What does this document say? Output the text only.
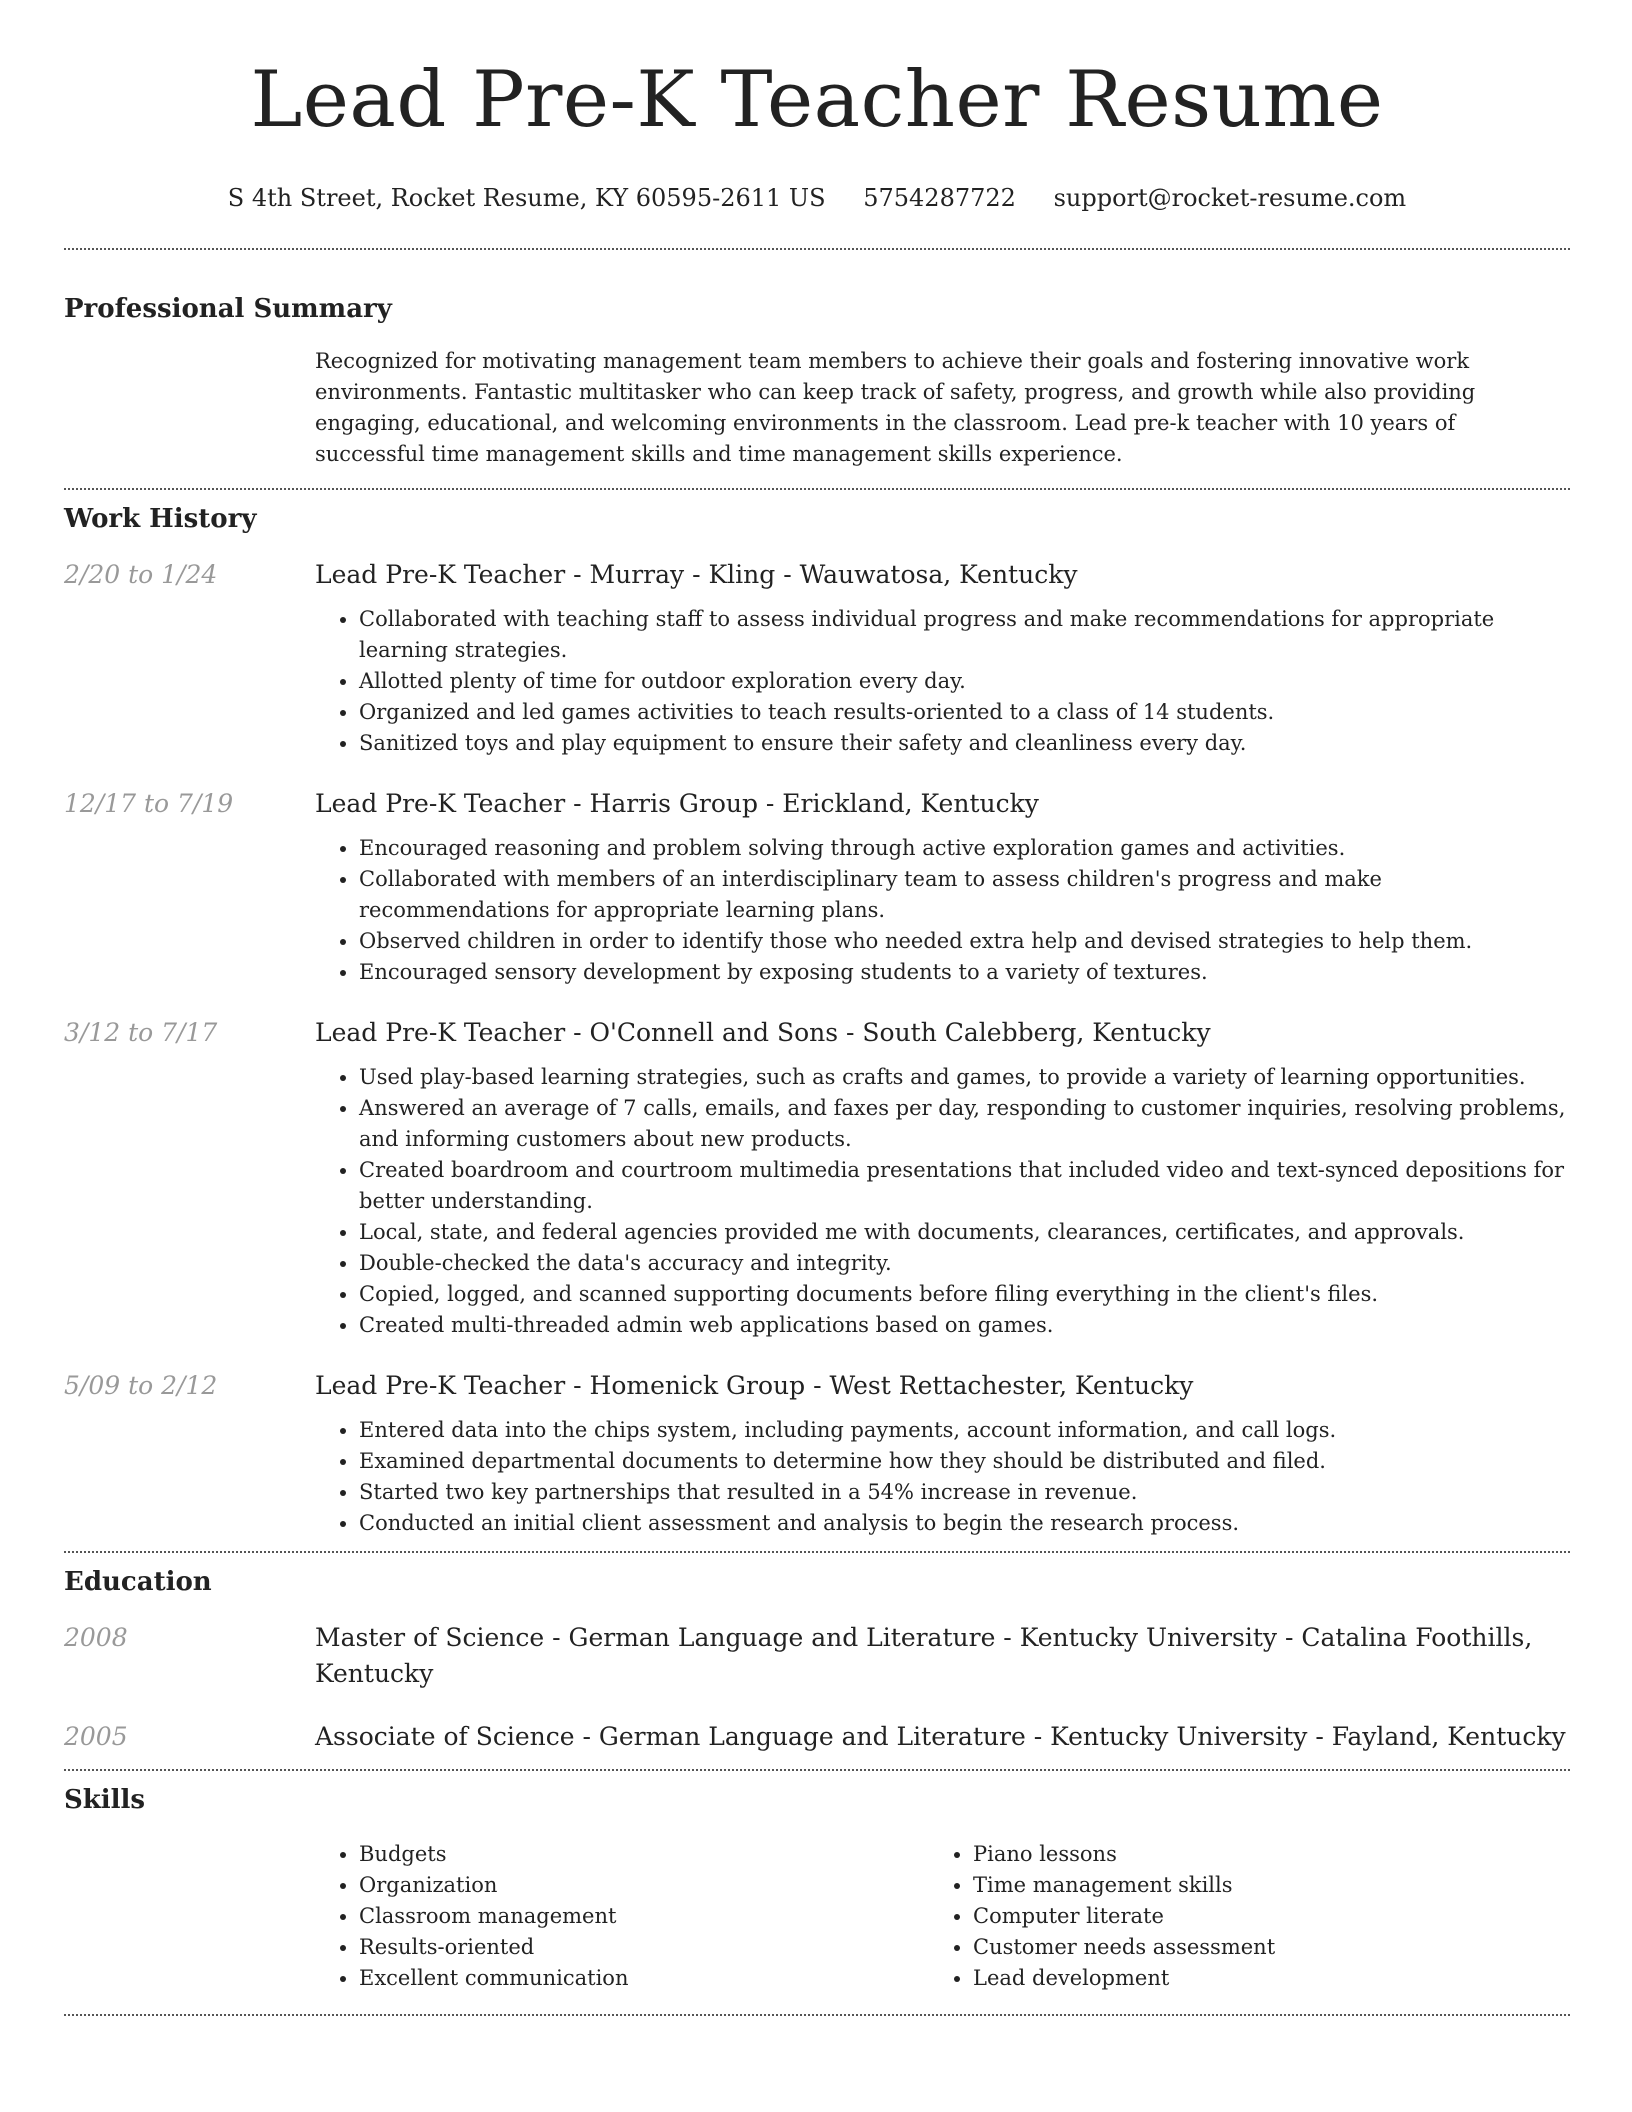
Lead Pre-K Teacher Resume
S 4th Street, Rocket Resume, KY 60595-2611 US 5754287722 support@rocket-resume.com
Professional Summary
Recognized for motivating management team members to achieve their goals and fostering innovative work environments. Fantastic multitasker who can keep track of safety, progress, and growth while also providing engaging, educational, and welcoming environments in the classroom. Lead pre-k teacher with 10 years of successful time management skills and time management skills experience.
Work History
2/20 to 1/24	Lead Pre-K Teacher - Murray - Kling - Wauwatosa, Kentucky
• Collaborated with teaching staff to assess individual progress and make recommendations for appropriate learning strategies.
• Allotted plenty of time for outdoor exploration every day.
• Organized and led games activities to teach results-oriented to a class of 14 students.
• Sanitized toys and play equipment to ensure their safety and cleanliness every day.
12/17 to 7/19	Lead Pre-K Teacher - Harris Group - Erickland, Kentucky
• Encouraged reasoning and problem solving through active exploration games and activities.
• Collaborated with members of an interdisciplinary team to assess children's progress and make recommendations for appropriate learning plans.
• Observed children in order to identify those who needed extra help and devised strategies to help them.
• Encouraged sensory development by exposing students to a variety of textures.
3/12 to 7/17	Lead Pre-K Teacher - O'Connell and Sons - South Calebberg, Kentucky
• Used play-based learning strategies, such as crafts and games, to provide a variety of learning opportunities.
• Answered an average of 7 calls, emails, and faxes per day, responding to customer inquiries, resolving problems, and informing customers about new products.
• Created boardroom and courtroom multimedia presentations that included video and text-synced depositions for better understanding.
• Local, state, and federal agencies provided me with documents, clearances, certificates, and approvals.
• Double-checked the data's accuracy and integrity.
• Copied, logged, and scanned supporting documents before filing everything in the client's files.
• Created multi-threaded admin web applications based on games.
5/09 to 2/12	Lead Pre-K Teacher - Homenick Group - West Rettachester, Kentucky
• Entered data into the chips system, including payments, account information, and call logs.
• Examined departmental documents to determine how they should be distributed and filed.
• Started two key partnerships that resulted in a 54% increase in revenue.
• Conducted an initial client assessment and analysis to begin the research process.
Education
2008	Master of Science - German Language and Literature - Kentucky University - Catalina Foothills, Kentucky
2005	Associate of Science - German Language and Literature - Kentucky University - Fayland, Kentucky
Skills
• Budgets
• Organization
• Classroom management
• Results-oriented
• Excellent communication
• Piano lessons
• Time management skills
• Computer literate
• Customer needs assessment
• Lead development
